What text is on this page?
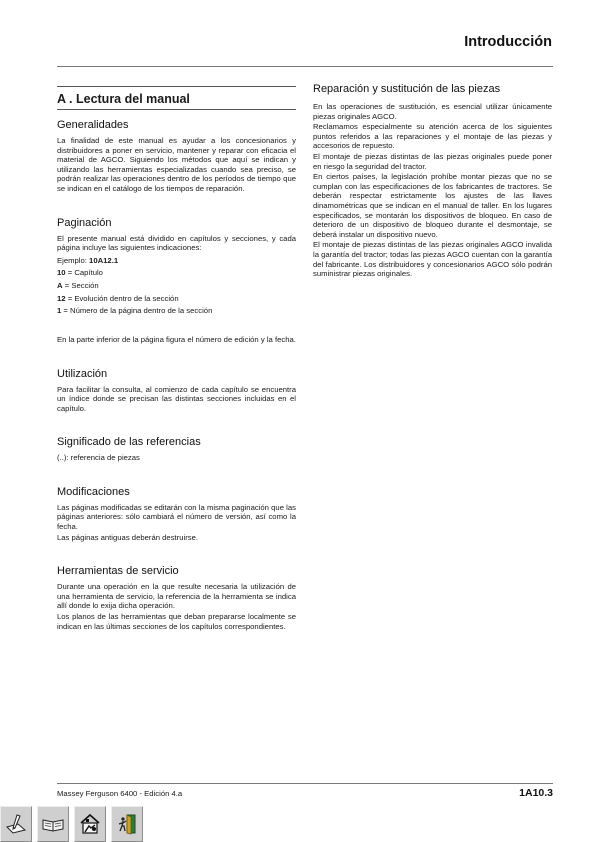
Introducción
A . Lectura del manual
Generalidades

La finalidad de este manual es ayudar a los concesionarios y distribuidores a poner en servicio, mantener y reparar con eficacia el material de AGCO. Siguiendo los métodos que aquí se indican y utilizando las herramientas especializadas cuando sea preciso, se podrán realizar las operaciones dentro de los períodos de tiempo que se indican en el catálogo de los tiempos de reparación.

Paginación

El presente manual está dividido en capítulos y secciones, y cada página incluye las siguientes indicaciones:

Ejemplo: 10A12.1

10 = Capítulo

A = Sección

12 = Evolución dentro de la sección

1 = Número de la página dentro de la sección

En la parte inferior de la página figura el número de edición y la fecha.

Utilización

Para facilitar la consulta, al comienzo de cada capítulo se encuentra un índice donde se precisan las distintas secciones incluidas en el capítulo.

Significado de las referencias

(..): referencia de piezas

Modificaciones

Las páginas modificadas se editarán con la misma paginación que las páginas anteriores: sólo cambiará el número de versión, así como la fecha.

Las páginas antiguas deberán destruirse.

Herramientas de servicio

Durante una operación en la que resulte necesaria la utilización de una herramienta de servicio, la referencia de la herramienta se indica allí donde lo exija dicha operación.

Los planos de las herramientas que deban prepararse localmente se indican en las últimas secciones de los capítulos correspondientes.

Reparación y sustitución de las piezas

En las operaciones de sustitución, es esencial utilizar únicamente piezas originales AGCO.

Reclamamos especialmente su atención acerca de los siguientes puntos referidos a las reparaciones y el montaje de las piezas y accesorios de repuesto.

El montaje de piezas distintas de las piezas originales puede poner en riesgo la seguridad del tractor.

En ciertos países, la legislación prohíbe montar piezas que no se cumplan con las especificaciones de los fabricantes de tractores. Se deberán respectar estrictamente los ajustes de las llaves dinamométricas que se indican en el manual de taller. En los lugares especificados, se montarán los dispositivos de bloqueo. En caso de deterioro de un dispositivo de bloqueo durante el desmontaje, se deberá instalar un dispositivo nuevo.

El montaje de piezas distintas de las piezas originales AGCO invalida la garantía del tractor; todas las piezas AGCO cuentan con la garantía del fabricante. Los distribuidores y concesionarios AGCO sólo podrán suministrar piezas originales.

Massey Ferguson 6400 - Edición 4.a	1A10.3
